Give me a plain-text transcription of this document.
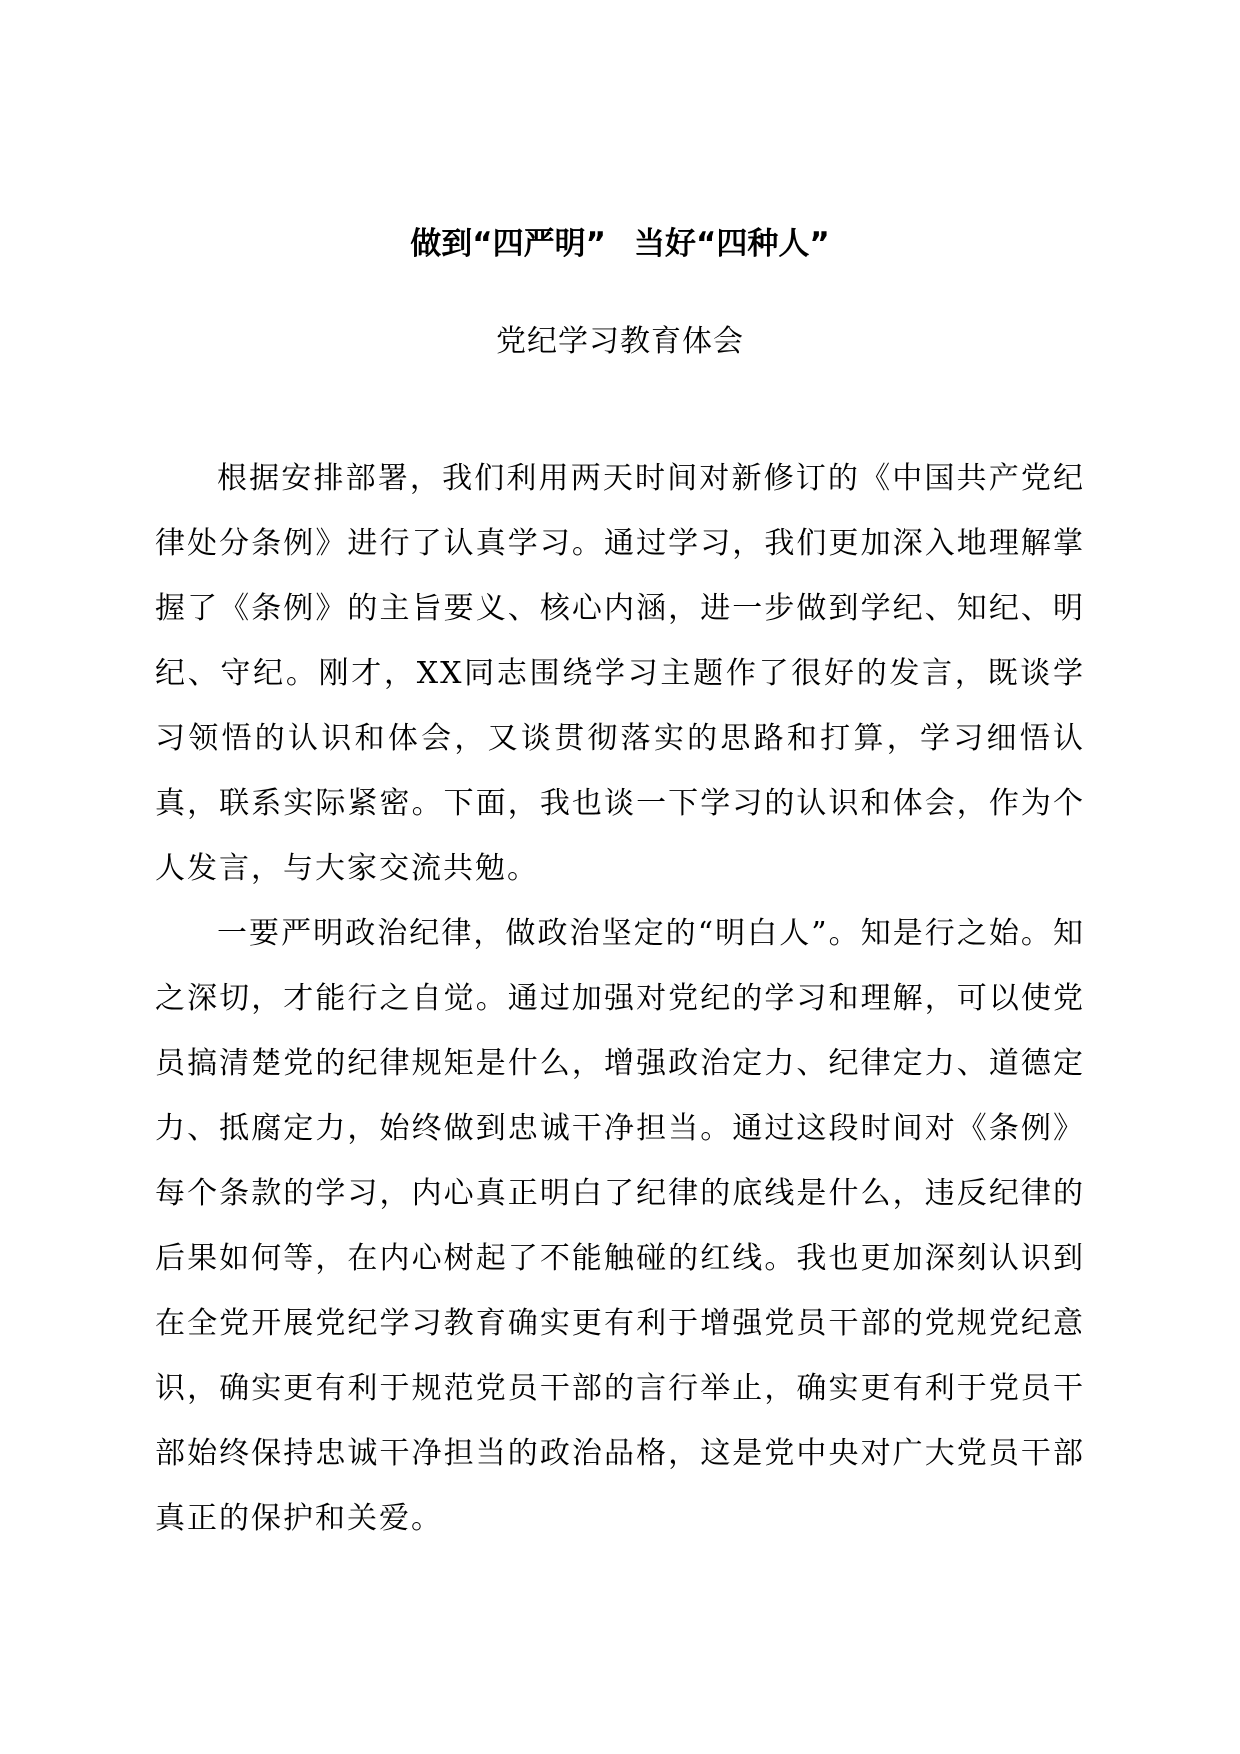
做到“四严明” 当好“四种人”
党纪学习教育体会

根据安排部署，我们利用两天时间对新修订的《中国共产党纪律处分条例》进行了认真学习。通过学习，我们更加深入地理解掌握了《条例》的主旨要义、核心内涵，进一步做到学纪、知纪、明纪、守纪。刚才，XX同志围绕学习主题作了很好的发言，既谈学习领悟的认识和体会，又谈贯彻落实的思路和打算，学习细悟认真，联系实际紧密。下面，我也谈一下学习的认识和体会，作为个人发言，与大家交流共勉。

一要严明政治纪律，做政治坚定的“明白人”。知是行之始。知之深切，才能行之自觉。通过加强对党纪的学习和理解，可以使党员搞清楚党的纪律规矩是什么，增强政治定力、纪律定力、道德定力、抵腐定力，始终做到忠诚干净担当。通过这段时间对《条例》每个条款的学习，内心真正明白了纪律的底线是什么，违反纪律的后果如何等，在内心树起了不能触碰的红线。我也更加深刻认识到在全党开展党纪学习教育确实更有利于增强党员干部的党规党纪意识，确实更有利于规范党员干部的言行举止，确实更有利于党员干部始终保持忠诚干净担当的政治品格，这是党中央对广大党员干部真正的保护和关爱。
